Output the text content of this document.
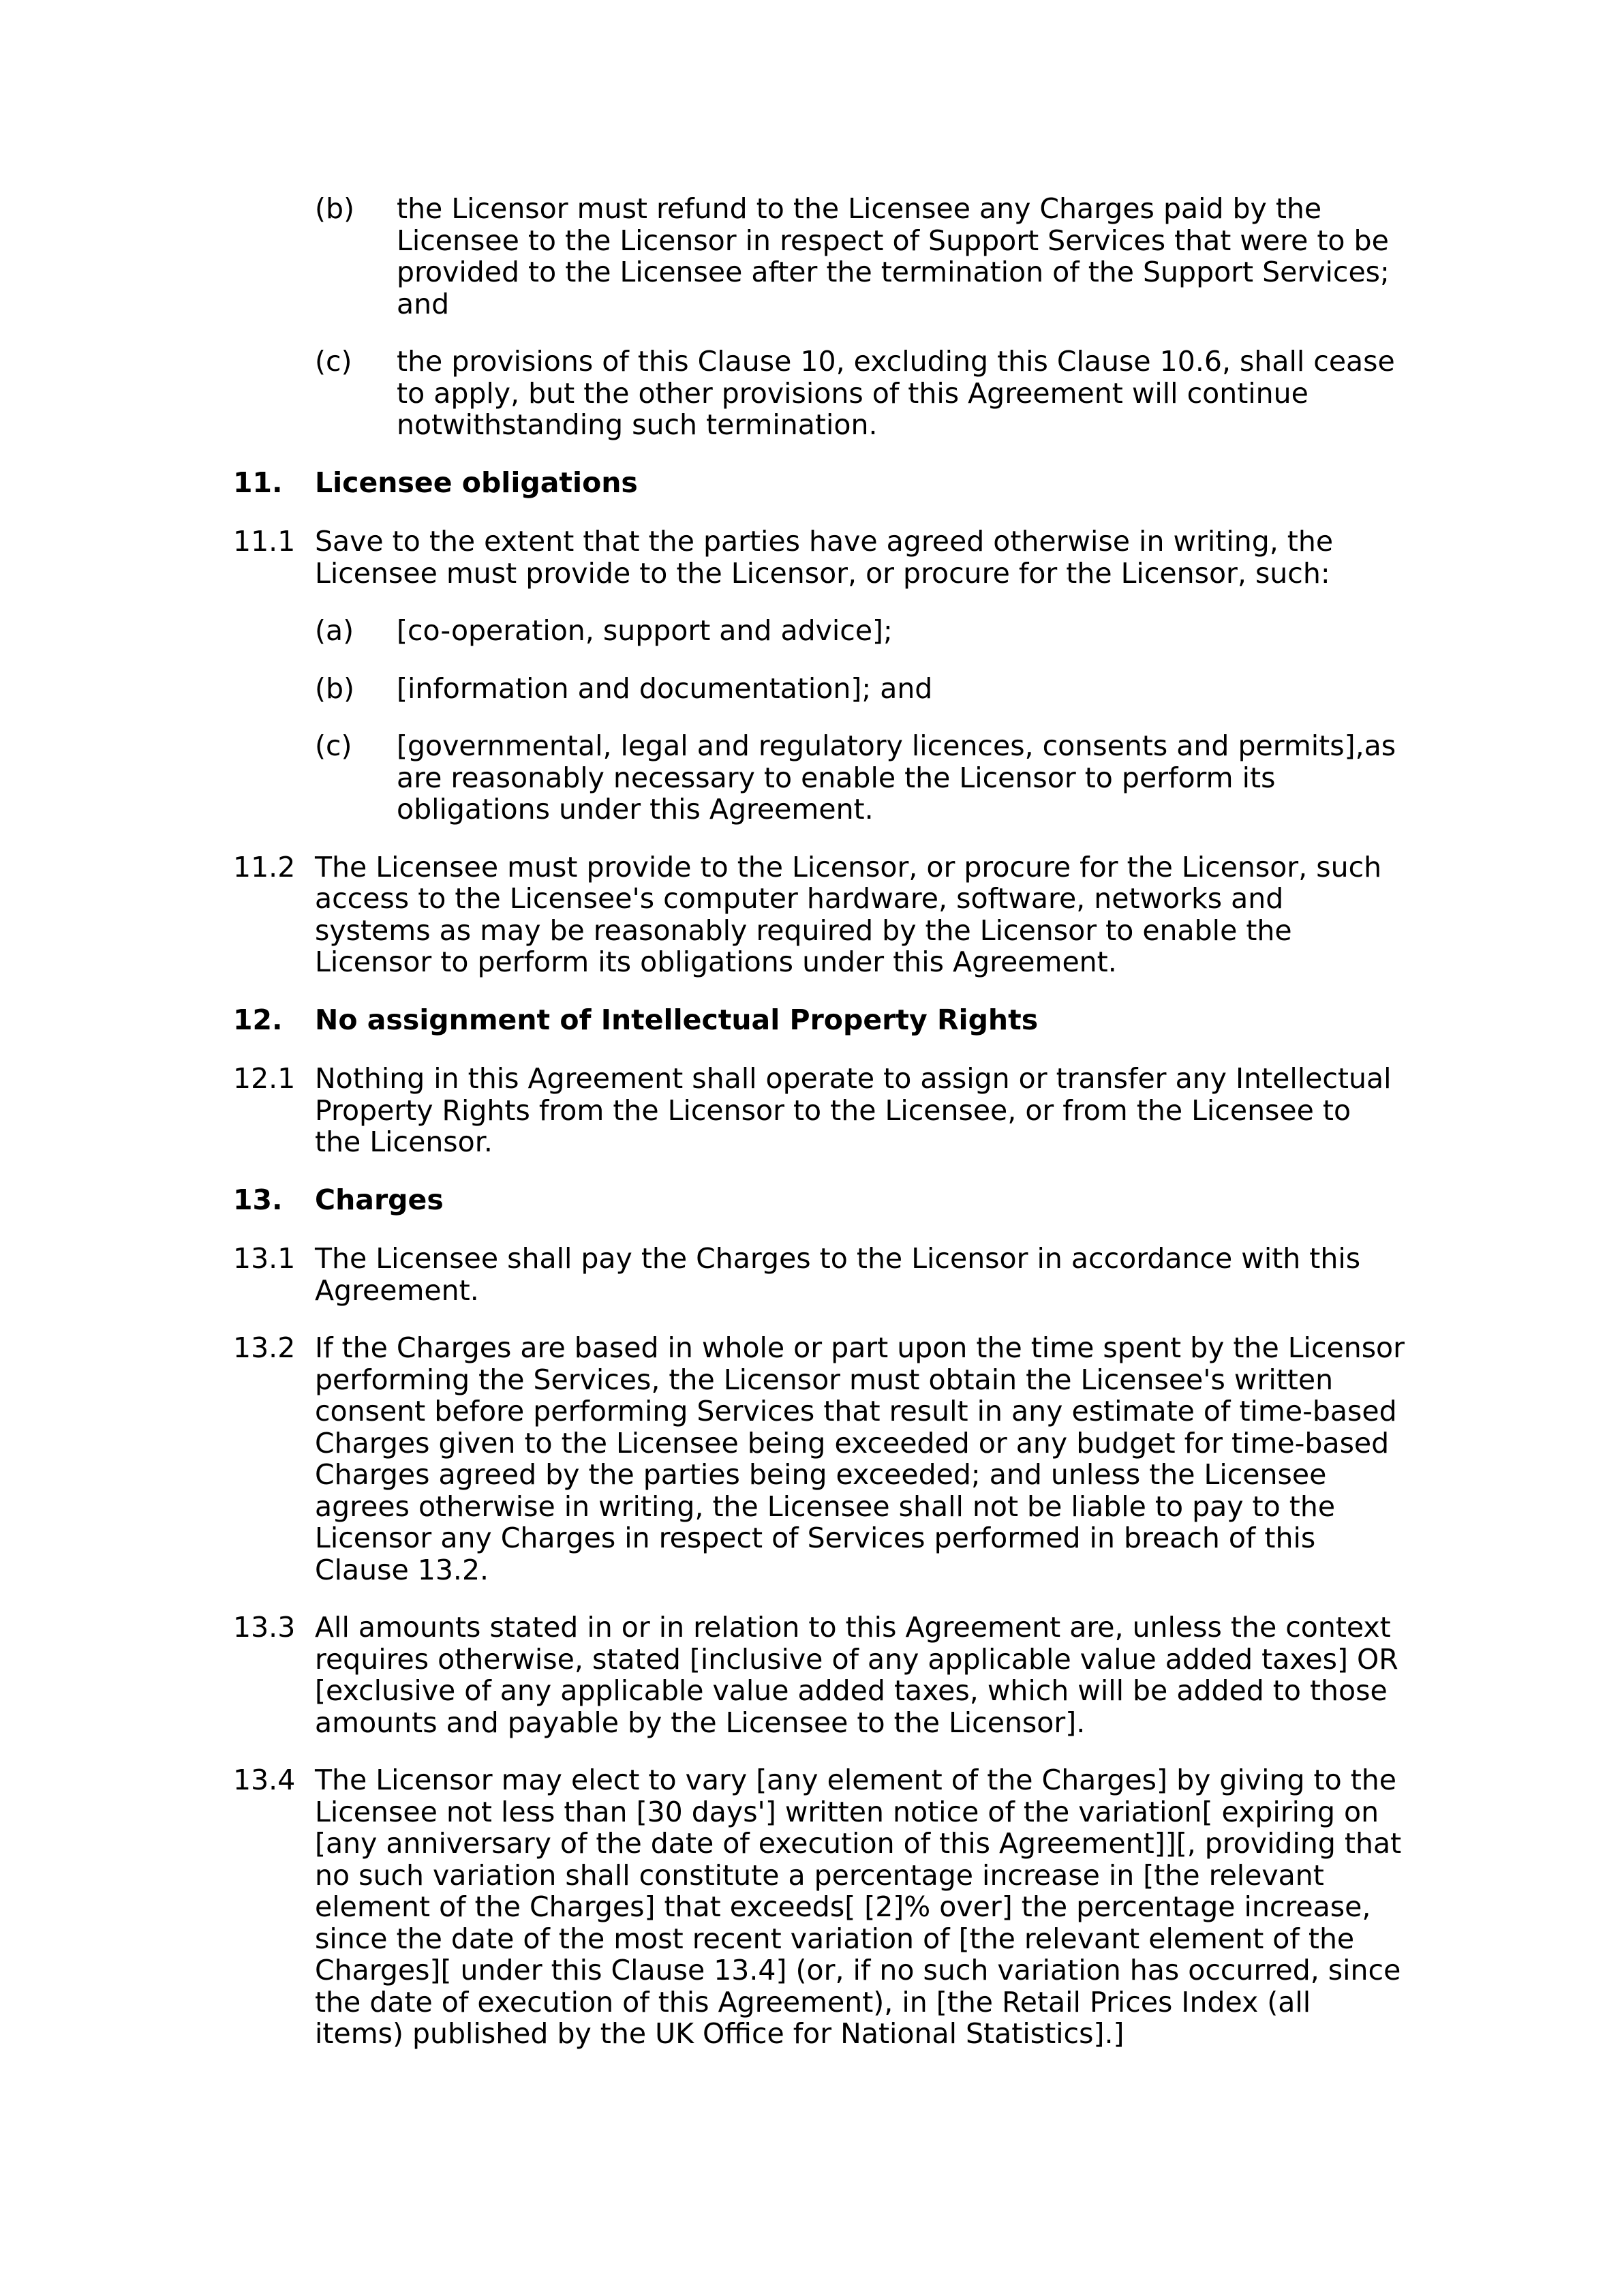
(b)	the Licensor must refund to the Licensee any Charges paid by the Licensee to the Licensor in respect of Support Services that were to be provided to the Licensee after the termination of the Support Services; and
(c)	the provisions of this Clause 10, excluding this Clause 10.6, shall cease to apply, but the other provisions of this Agreement will continue notwithstanding such termination.
11.	Licensee obligations
11.1 Save to the extent that the parties have agreed otherwise in writing, the Licensee must provide to the Licensor, or procure for the Licensor, such:
(a)	[co-operation, support and advice];
(b)	[information and documentation]; and
(c)	[governmental, legal and regulatory licences, consents and permits],as are reasonably necessary to enable the Licensor to perform its obligations under this Agreement.
11.2 The Licensee must provide to the Licensor, or procure for the Licensor, such access to the Licensee's computer hardware, software, networks and systems as may be reasonably required by the Licensor to enable the Licensor to perform its obligations under this Agreement.
12.	No assignment of Intellectual Property Rights
12.1 Nothing in this Agreement shall operate to assign or transfer any Intellectual Property Rights from the Licensor to the Licensee, or from the Licensee to the Licensor.
13.	Charges
13.1 The Licensee shall pay the Charges to the Licensor in accordance with this Agreement.
13.2 If the Charges are based in whole or part upon the time spent by the Licensor performing the Services, the Licensor must obtain the Licensee's written consent before performing Services that result in any estimate of time-based Charges given to the Licensee being exceeded or any budget for time-based Charges agreed by the parties being exceeded; and unless the Licensee agrees otherwise in writing, the Licensee shall not be liable to pay to the Licensor any Charges in respect of Services performed in breach of this Clause 13.2.
13.3 All amounts stated in or in relation to this Agreement are, unless the context requires otherwise, stated [inclusive of any applicable value added taxes] OR [exclusive of any applicable value added taxes, which will be added to those amounts and payable by the Licensee to the Licensor].
13.4 The Licensor may elect to vary [any element of the Charges] by giving to the Licensee not less than [30 days'] written notice of the variation[ expiring on [any anniversary of the date of execution of this Agreement]][, providing that no such variation shall constitute a percentage increase in [the relevant element of the Charges] that exceeds[ [2]% over] the percentage increase, since the date of the most recent variation of [the relevant element of the Charges][ under this Clause 13.4] (or, if no such variation has occurred, since the date of execution of this Agreement), in [the Retail Prices Index (all items) published by the UK Office for National Statistics].]
